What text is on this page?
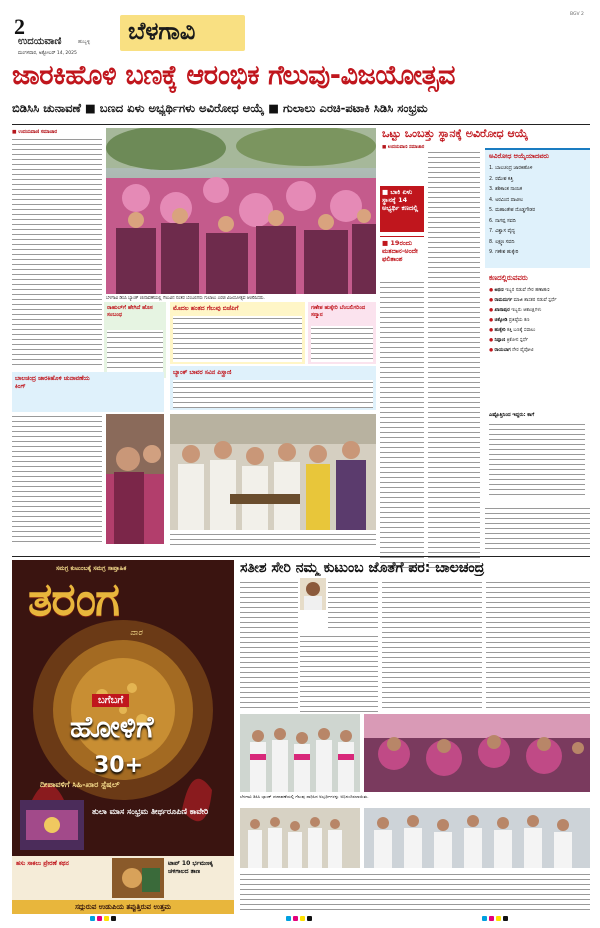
2
ಉದಯವಾಣಿ	ಹುಬ್ಬಳ್ಳಿ
ಮಂಗಳವಾರ, ಅಕ್ಟೋಬರ್ 14, 2025
ಬೆಳಗಾವಿ
BGV 2
ಜಾರಕಿಹೊಳಿ ಬಣಕ್ಕೆ ಆರಂಭಿಕ ಗೆಲುವು-ವಿಜಯೋತ್ಸವ
ಬಿಡಿಸಿಸಿ ಚುನಾವಣೆ ■ ಬಣದ ಏಳು ಅಭ್ಯರ್ಥಿಗಳು ಅವಿರೋಧ ಆಯ್ಕೆ ■ ಗುಲಾಲು ಎರಚಿ-ಪಟಾಕಿ ಸಿಡಿಸಿ ಸಂಭ್ರಮ
■ ಉದಯವಾಣಿ ಸಮಾಚಾರ
ಬೆಳಗಾವಿ ಡಿಸಿಸಿ ಬ್ಯಾಂಕ್ ಚುನಾವಣೆಯಲ್ಲಿ ಗೆಲುವಿನ ನಂತರ ಬೆಂಬಲಿಗರು ಗುಲಾಲು ಎರಚಿ ವಿಜಯೋತ್ಸವ ಆಚರಿಸಿದರು.
ಒಟ್ಟು ಒಂಬತ್ತು ಸ್ಥಾನಕ್ಕೆ ಅವಿರೋಧ ಆಯ್ಕೆ
■ ಉದಯವಾಣಿ ಸಮಾಚಾರ
■ ಬಾಕಿ ಏಳು ಸ್ಥಾನಕ್ಕೆ 14 ಅಭ್ಯರ್ಥಿ ಕಣದಲ್ಲಿ
■ 19ರಂದು ಮತದಾನ-ಅಂದೇ ಫಲಿತಾಂಶ
ಅವಿರೋಧ ಆಯ್ಕೆಯಾದವರು
1. ಬಾಲಚಂದ್ರ ಜಾರಕಿಹೊಳಿ
2. ರಮೇಶ ಕತ್ತಿ
3. ಶಶಿಕಾಂತ ನಾಯಿಕ
4. ಅರವಿಂದ ಪಾಟೀಲ
5. ಮಹಾಂತೇಶ ದೊಡ್ಡಗೌಡರ
6. ನಾಗಪ್ಪ ಸವದಿ
7. ವಿಶ್ವಾಸ ವೈದ್ಯ
8. ಲಕ್ಷ್ಮಣ ಸವದಿ
9. ಗಣೇಶ ಹುಕ್ಕೇರಿ
ಕಣದಲ್ಲಿರುವವರು
● ಅಥಣಿ ಇಬ್ಬರ ನಡುವೆ ನೇರ ಹಣಾಹಣಿ
● ರಾಮದುರ್ಗ ಮಾಜಿ ಶಾಸಕರ ನಡುವೆ ಸ್ಪರ್ಧೆ
● ಖಾನಾಪುರ ಇಬ್ಬರು ಆಕಾಂಕ್ಷಿಗಳು
● ಚಿಕ್ಕೋಡಿ ಪ್ರತಿಷ್ಠೆಯ ಕಣ
● ಹುಕ್ಕೇರಿ ಕತ್ತಿ ಬಣಕ್ಕೆ ಸವಾಲು
● ನಿಪ್ಪಾಣಿ ತ್ರಿಕೋನ ಸ್ಪರ್ಧೆ
● ರಾಯಬಾಗ ನೇರ ಪೈಪೋಟಿ
ಎಷ್ಟೊತ್ತಿನಿಂದ ಇದ್ದರು: ಕಾಗೆ
ರಾಹುಲ್‌ಗೆ ಹೇಗಿದೆ ಹೊಸ ಸಂಬಂಧ
ಮೊದಲ ಹಂತದ ಗೆಲುವು ಬಿಜೆಪಿಗೆ	ಗಣೇಶ ಹುಕ್ಕೇರಿ ಬೆಂಬಲಿಗರಿಂದ ಸನ್ಮಾನ
ಬ್ಯಾಂಕ್ ಬಾವರ ಸವಿನ ಪಿಸ್ತ್ರಾಣಿ
ಬಾಲಚಂದ್ರ ಜಾರಕಿಹೊಳಿ ಚುನಾವಣೆಯ ಕಿಂಗ್
ಸತೀಶ ಸೇರಿ ನಮ್ಮ ಕುಟುಂಬ ಜೊತೆಗೆ ಪರ: ಬಾಲಚಂದ್ರ
ಸಮಗ್ರ ಕುಟುಂಬಕ್ಕೆ ಸಮಗ್ರ ಸಾಪ್ತಾಹಿಕ
ತರಂಗ
ವಾರ
ಬಗೆಬಗೆ
ಹೋಳಿಗೆ
30+
ದೀಪಾವಳಿಗೆ ಸಿಹಿ-ಖಾರ ಸ್ಪೆಷಲ್
ತುಲಾ ಮಾಸ ಸಂಭ್ರಮ ತೀರ್ಥರೂಪಿಣಿ ಕಾವೇರಿ
ಹಸು ಸಾಕಲು ಪ್ರೇರಣೆ ಕಥನ	ಟಾಪ್ 10 ರ್ಭಮಣಕ್ಕ ಚಳಿಗಾಲದ ತಾಣ
ಸದ್ಗುರುವ ಉಡುಪಿಯ ತಪ್ಪುತ್ತಿರುವ ಉತ್ತಮ
ಬೆಳಗಾವಿ ಡಿಸಿಸಿ ಬ್ಯಾಂಕ್ ಚುನಾವಣೆಯಲ್ಲಿ ಗೆಲುವು ಸಾಧಿಸಿದ ಅಭ್ಯರ್ಥಿಗಳನ್ನು ಅಭಿನಂದಿಸಲಾಯಿತು.
